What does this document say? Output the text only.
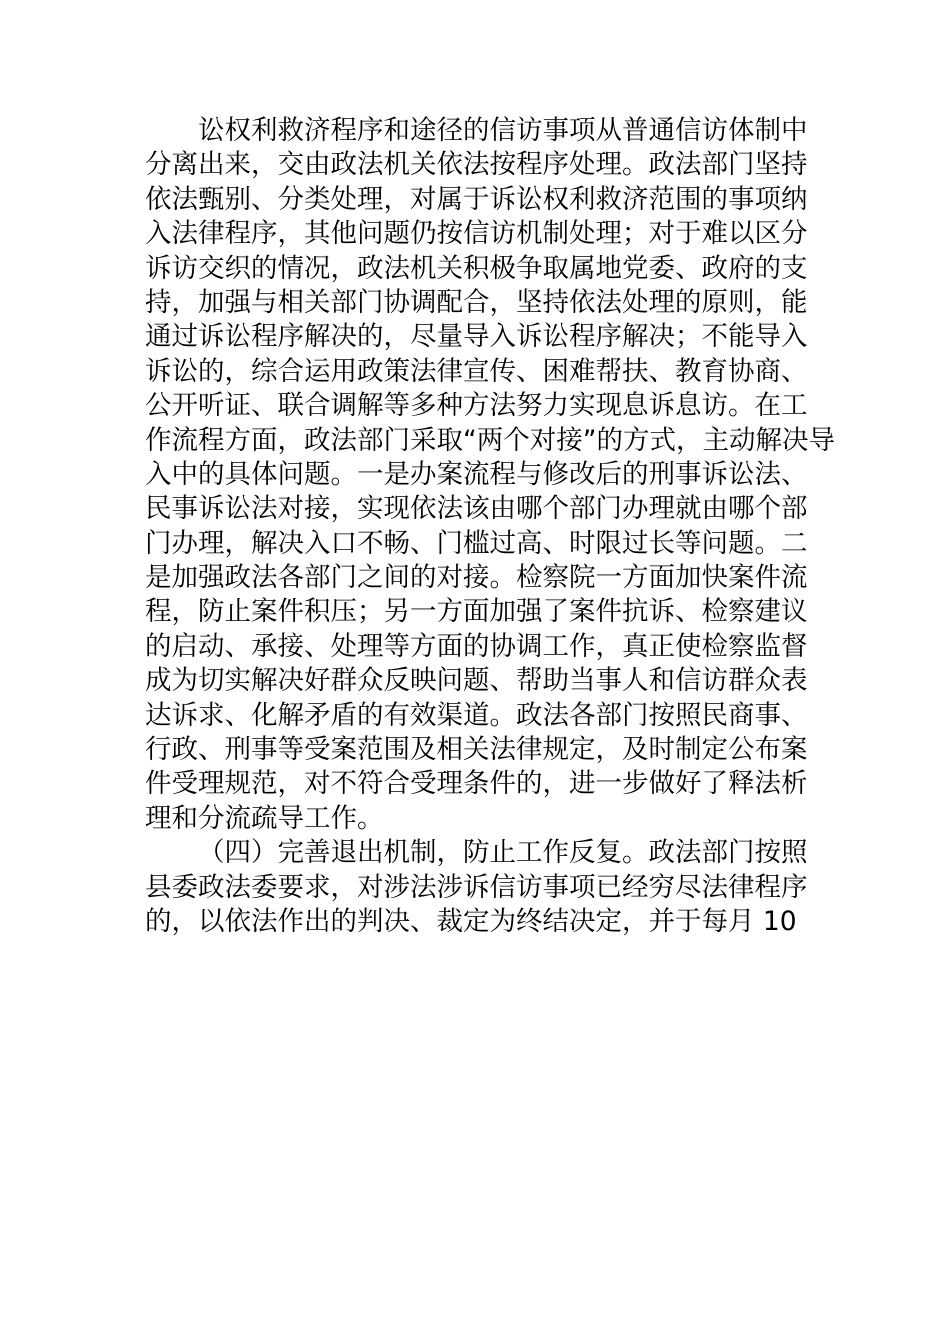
讼权利救济程序和途径的信访事项从普通信访体制中
分离出来，交由政法机关依法按程序处理。政法部门坚持
依法甄别、分类处理，对属于诉讼权利救济范围的事项纳
入法律程序，其他问题仍按信访机制处理；对于难以区分
诉访交织的情况，政法机关积极争取属地党委、政府的支
持，加强与相关部门协调配合，坚持依法处理的原则，能
通过诉讼程序解决的，尽量导入诉讼程序解决；不能导入
诉讼的，综合运用政策法律宣传、困难帮扶、教育协商、
公开听证、联合调解等多种方法努力实现息诉息访。在工
作流程方面，政法部门采取“两个对接”的方式，主动解决导
入中的具体问题。一是办案流程与修改后的刑事诉讼法、
民事诉讼法对接，实现依法该由哪个部门办理就由哪个部
门办理，解决入口不畅、门槛过高、时限过长等问题。二
是加强政法各部门之间的对接。检察院一方面加快案件流
程，防止案件积压；另一方面加强了案件抗诉、检察建议
的启动、承接、处理等方面的协调工作，真正使检察监督
成为切实解决好群众反映问题、帮助当事人和信访群众表
达诉求、化解矛盾的有效渠道。政法各部门按照民商事、
行政、刑事等受案范围及相关法律规定，及时制定公布案
件受理规范，对不符合受理条件的，进一步做好了释法析
理和分流疏导工作。
（四）完善退出机制，防止工作反复。政法部门按照
县委政法委要求，对涉法涉诉信访事项已经穷尽法律程序
的，以依法作出的判决、裁定为终结决定，并于每月 10
